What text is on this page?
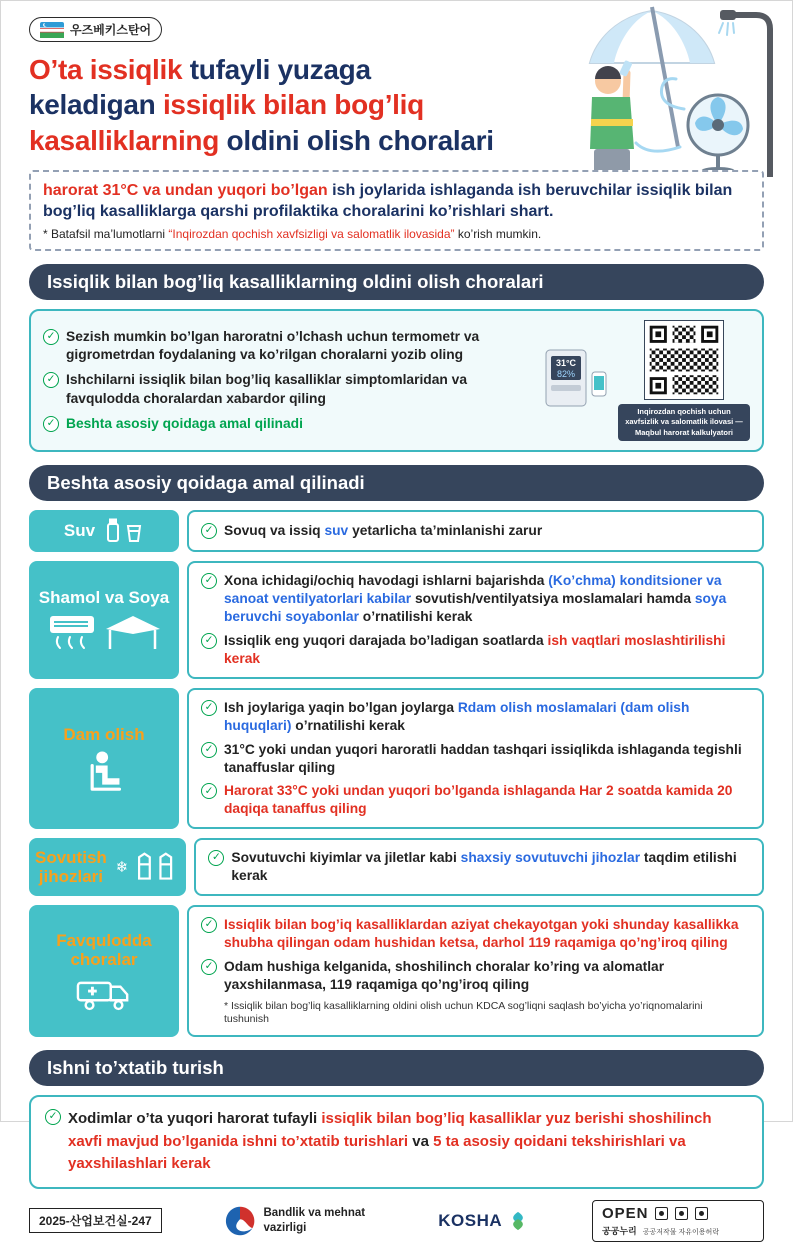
우즈베키스탄어
O’ta issiqlik tufayli yuzaga
keladigan issiqlik bilan bog’liq
kasalliklarning oldini olish choralari

harorat 31°C va undan yuqori bo’lgan ish joylarida ishlaganda ish beruvchilar issiqlik bilan bog’liq kasalliklarga qarshi profilaktika choralarini ko’rishlari shart.

* Batafsil ma’lumotlarni “Inqirozdan qochish xavfsizligi va salomatlik ilovasida” ko’rish mumkin.

Issiqlik bilan bog’liq kasalliklarning oldini olish choralari
✓ Sezish mumkin bo’lgan haroratni o’lchash uchun termometr va gigrometrdan foydalaning va ko’rilgan choralarni yozib oling
✓ Ishchilarni issiqlik bilan bog’liq kasalliklar simptomlaridan va favqulodda choralardan xabardor qiling
✓ Beshta asosiy qoidaga amal qilinadi
31°C
82%
Inqirozdan qochish uchun xavfsizlik va salomatlik ilovasi — Maqbul harorat kalkulyatori
Beshta asosiy qoidaga amal qilinadi
Suv	✓ Sovuq va issiq suv yetarlicha ta’minlanishi zarur
Shamol va Soya
✓ Xona ichidagi/ochiq havodagi ishlarni bajarishda (Ko’chma) konditsioner va sanoat ventilyatorlari kabilar sovutish/ventilyatsiya moslamalari hamda soya beruvchi soyabonlar o’rnatilishi kerak
✓ Issiqlik eng yuqori darajada bo’ladigan soatlarda ish vaqtlari moslashtirilishi kerak
Dam olish
✓ Ish joylariga yaqin bo’lgan joylarga Rdam olish moslamalari (dam olish huquqlari) o’rnatilishi kerak
✓ 31°C yoki undan yuqori haroratli haddan tashqari issiqlikda ishlaganda tegishli tanaffuslar qiling
✓ Harorat 33°C yoki undan yuqori bo’lganda ishlaganda Har 2 soatda kamida 20 daqiqa tanaffus qiling
Sovutish jihozlari ❄
✓ Sovutuvchi kiyimlar va jiletlar kabi shaxsiy sovutuvchi jihozlar taqdim etilishi kerak
Favqulodda choralar
✓ Issiqlik bilan bog’iq kasalliklardan aziyat chekayotgan yoki shunday kasallikka shubha qilingan odam hushidan ketsa, darhol 119 raqamiga qo’ng’iroq qiling
✓ Odam hushiga kelganida, shoshilinch choralar ko’ring va alomatlar yaxshilanmasa, 119 raqamiga qo’ng’iroq qiling
* Issiqlik bilan bog’liq kasalliklarning oldini olish uchun KDCA sog’liqni saqlash bo’yicha yo’riqnomalarini tushunish
Ishni to’xtatib turish
✓ Xodimlar o’ta yuqori harorat tufayli issiqlik bilan bog’liq kasalliklar yuz berishi shoshilinch xavfi mavjud bo’lganida ishni to’xtatib turishlari va 5 ta asosiy qoidani tekshirishlari va yaxshilashlari kerak
2025-산업보건실-247
Bandlik va mehnat vazirligi	KOSHA	OPEN
공공누리 공공저작물 자유이용허락
